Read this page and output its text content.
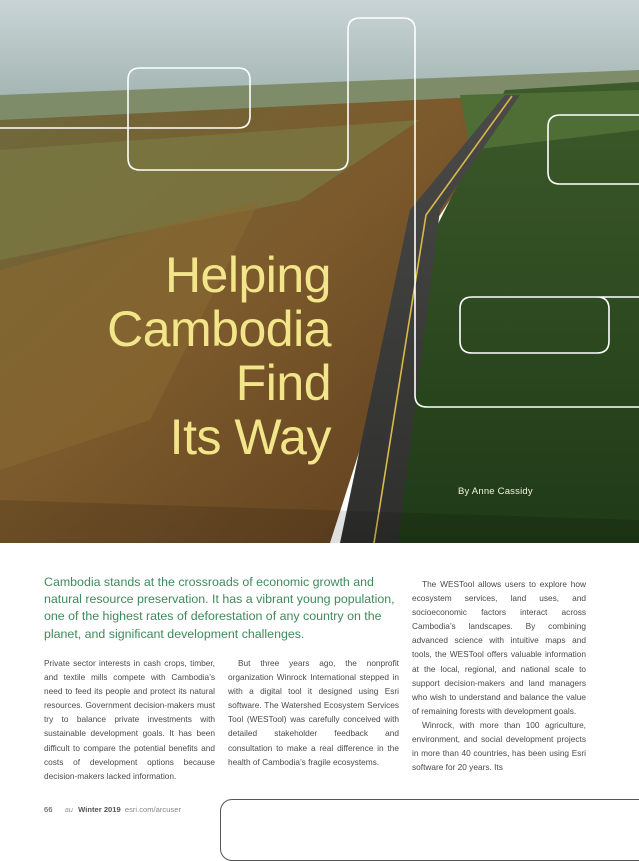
Helping
Cambodia
Find
Its Way
By Anne Cassidy
Cambodia stands at the crossroads of economic growth and natural resource preservation. It has a vibrant young population, one of the highest rates of deforestation of any country on the planet, and significant development challenges.

Private sector interests in cash crops, timber, and textile mills compete with Cambodia’s need to feed its people and protect its natural resources. Government decision-makers must try to balance private investments with sustainable development goals. It has been difficult to compare the potential benefits and costs of development options because decision-makers lacked information.

But three years ago, the nonprofit organization Winrock International stepped in with a digital tool it designed using Esri software. The Watershed Ecosystem Services Tool (WESTool) was carefully conceived with detailed stakeholder feedback and consultation to make a real difference in the health of Cambodia’s fragile ecosystems.

The WESTool allows users to explore how ecosystem services, land uses, and socioeconomic factors interact across Cambodia’s landscapes. By combining advanced science with intuitive maps and tools, the WESTool offers valuable information at the local, regional, and national scale to support decision-makers and land managers who wish to understand and balance the value of remaining forests with development goals.

Winrock, with more than 100 agriculture, environment, and social development projects in more than 40 countries, has been using Esri software for 20 years. Its

66 au Winter 2019 esri.com/arcuser
